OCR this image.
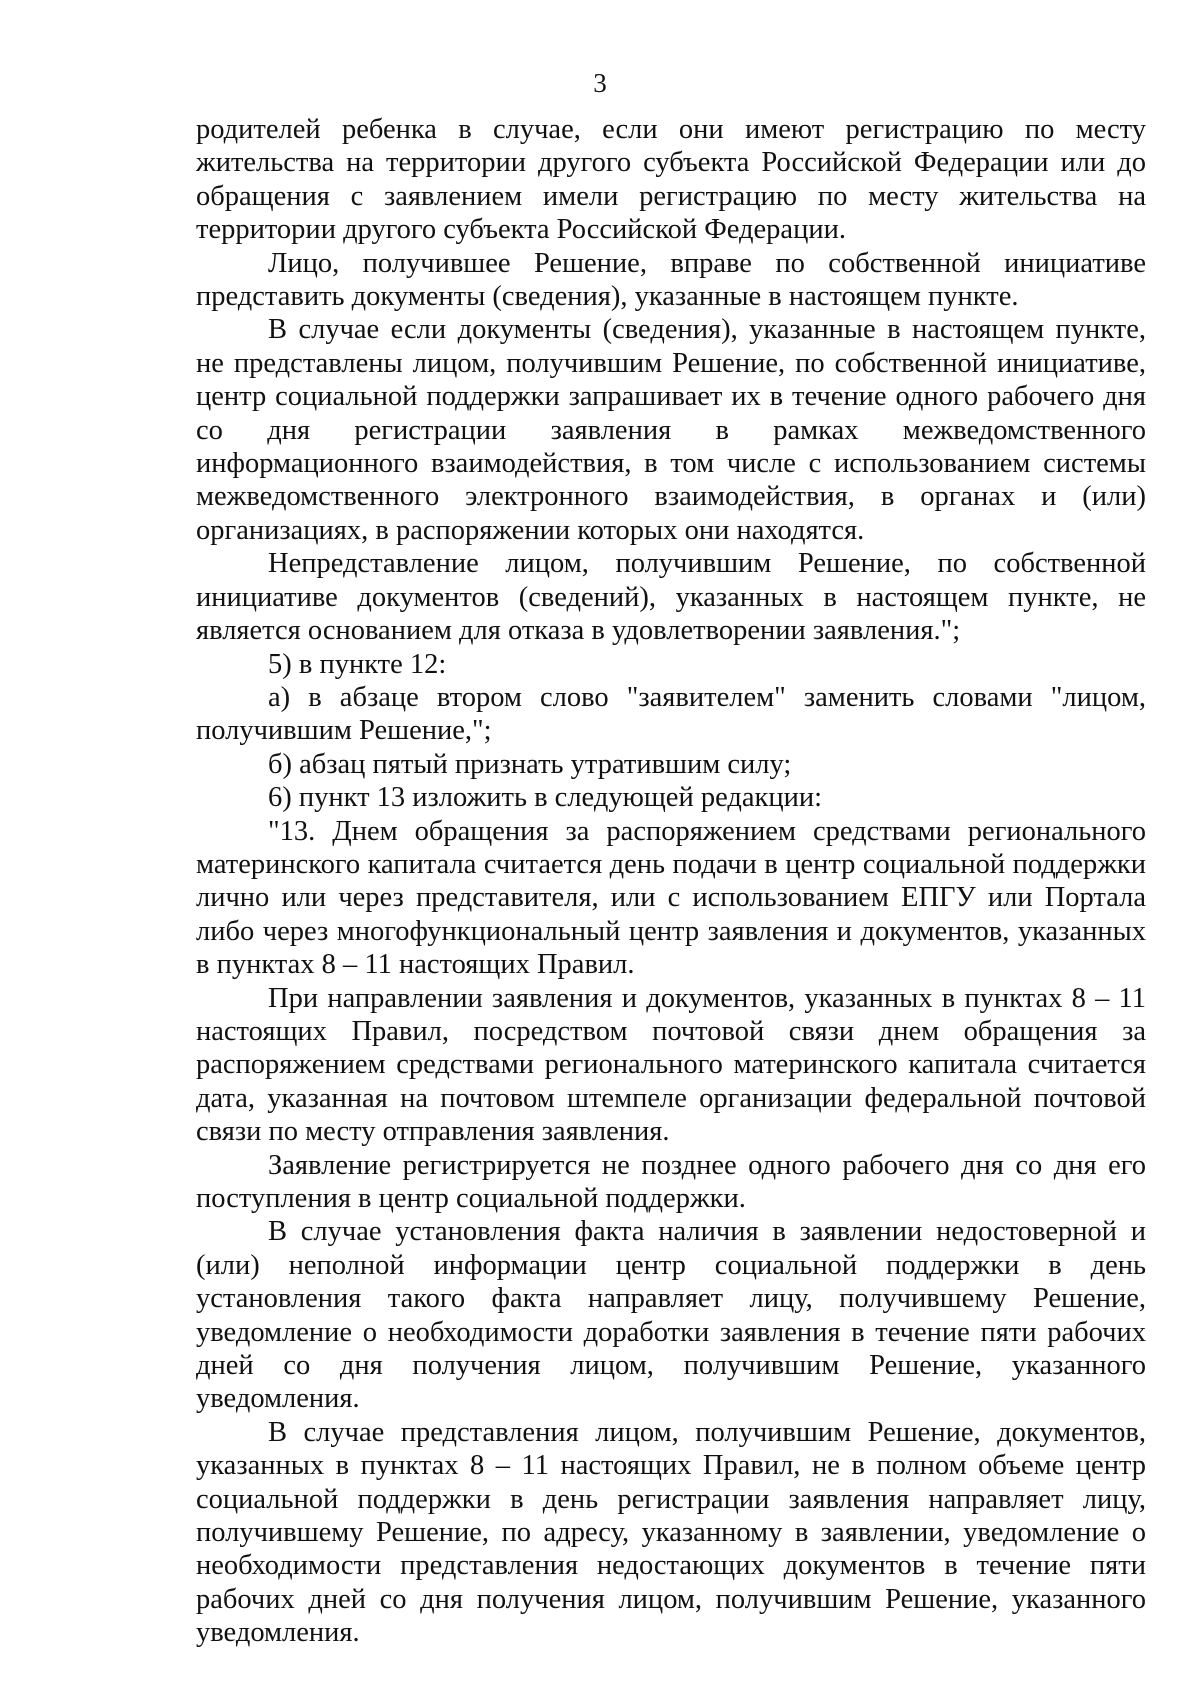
3

родителей ребенка в случае, если они имеют регистрацию по месту жительства на территории другого субъекта Российской Федерации или до обращения с заявлением имели регистрацию по месту жительства на территории другого субъекта Российской Федерации.

Лицо, получившее Решение, вправе по собственной инициативе представить документы (сведения), указанные в настоящем пункте.

В случае если документы (сведения), указанные в настоящем пункте, не представлены лицом, получившим Решение, по собственной инициативе, центр социальной поддержки запрашивает их в течение одного рабочего дня со дня регистрации заявления в рамках межведомственного информационного взаимодействия, в том числе с использованием системы межведомственного электронного взаимодействия, в органах и (или) организациях, в распоряжении которых они находятся.

Непредставление лицом, получившим Решение, по собственной инициативе документов (сведений), указанных в настоящем пункте, не является основанием для отказа в удовлетворении заявления.";

5) в пункте 12:

а) в абзаце втором слово "заявителем" заменить словами "лицом, получившим Решение,";

б) абзац пятый признать утратившим силу;

6) пункт 13 изложить в следующей редакции:

"13. Днем обращения за распоряжением средствами регионального материнского капитала считается день подачи в центр социальной поддержки лично или через представителя, или с использованием ЕПГУ или Портала либо через многофункциональный центр заявления и документов, указанных в пунктах 8 – 11 настоящих Правил.

При направлении заявления и документов, указанных в пунктах 8 – 11 настоящих Правил, посредством почтовой связи днем обращения за распоряжением средствами регионального материнского капитала считается дата, указанная на почтовом штемпеле организации федеральной почтовой связи по месту отправления заявления.

Заявление регистрируется не позднее одного рабочего дня со дня его поступления в центр социальной поддержки.

В случае установления факта наличия в заявлении недостоверной и (или) неполной информации центр социальной поддержки в день установления такого факта направляет лицу, получившему Решение, уведомление о необходимости доработки заявления в течение пяти рабочих дней со дня получения лицом, получившим Решение, указанного уведомления.

В случае представления лицом, получившим Решение, документов, указанных в пунктах 8 – 11 настоящих Правил, не в полном объеме центр социальной поддержки в день регистрации заявления направляет лицу, получившему Решение, по адресу, указанному в заявлении, уведомление о необходимости представления недостающих документов в течение пяти рабочих дней со дня получения лицом, получившим Решение, указанного уведомления.
